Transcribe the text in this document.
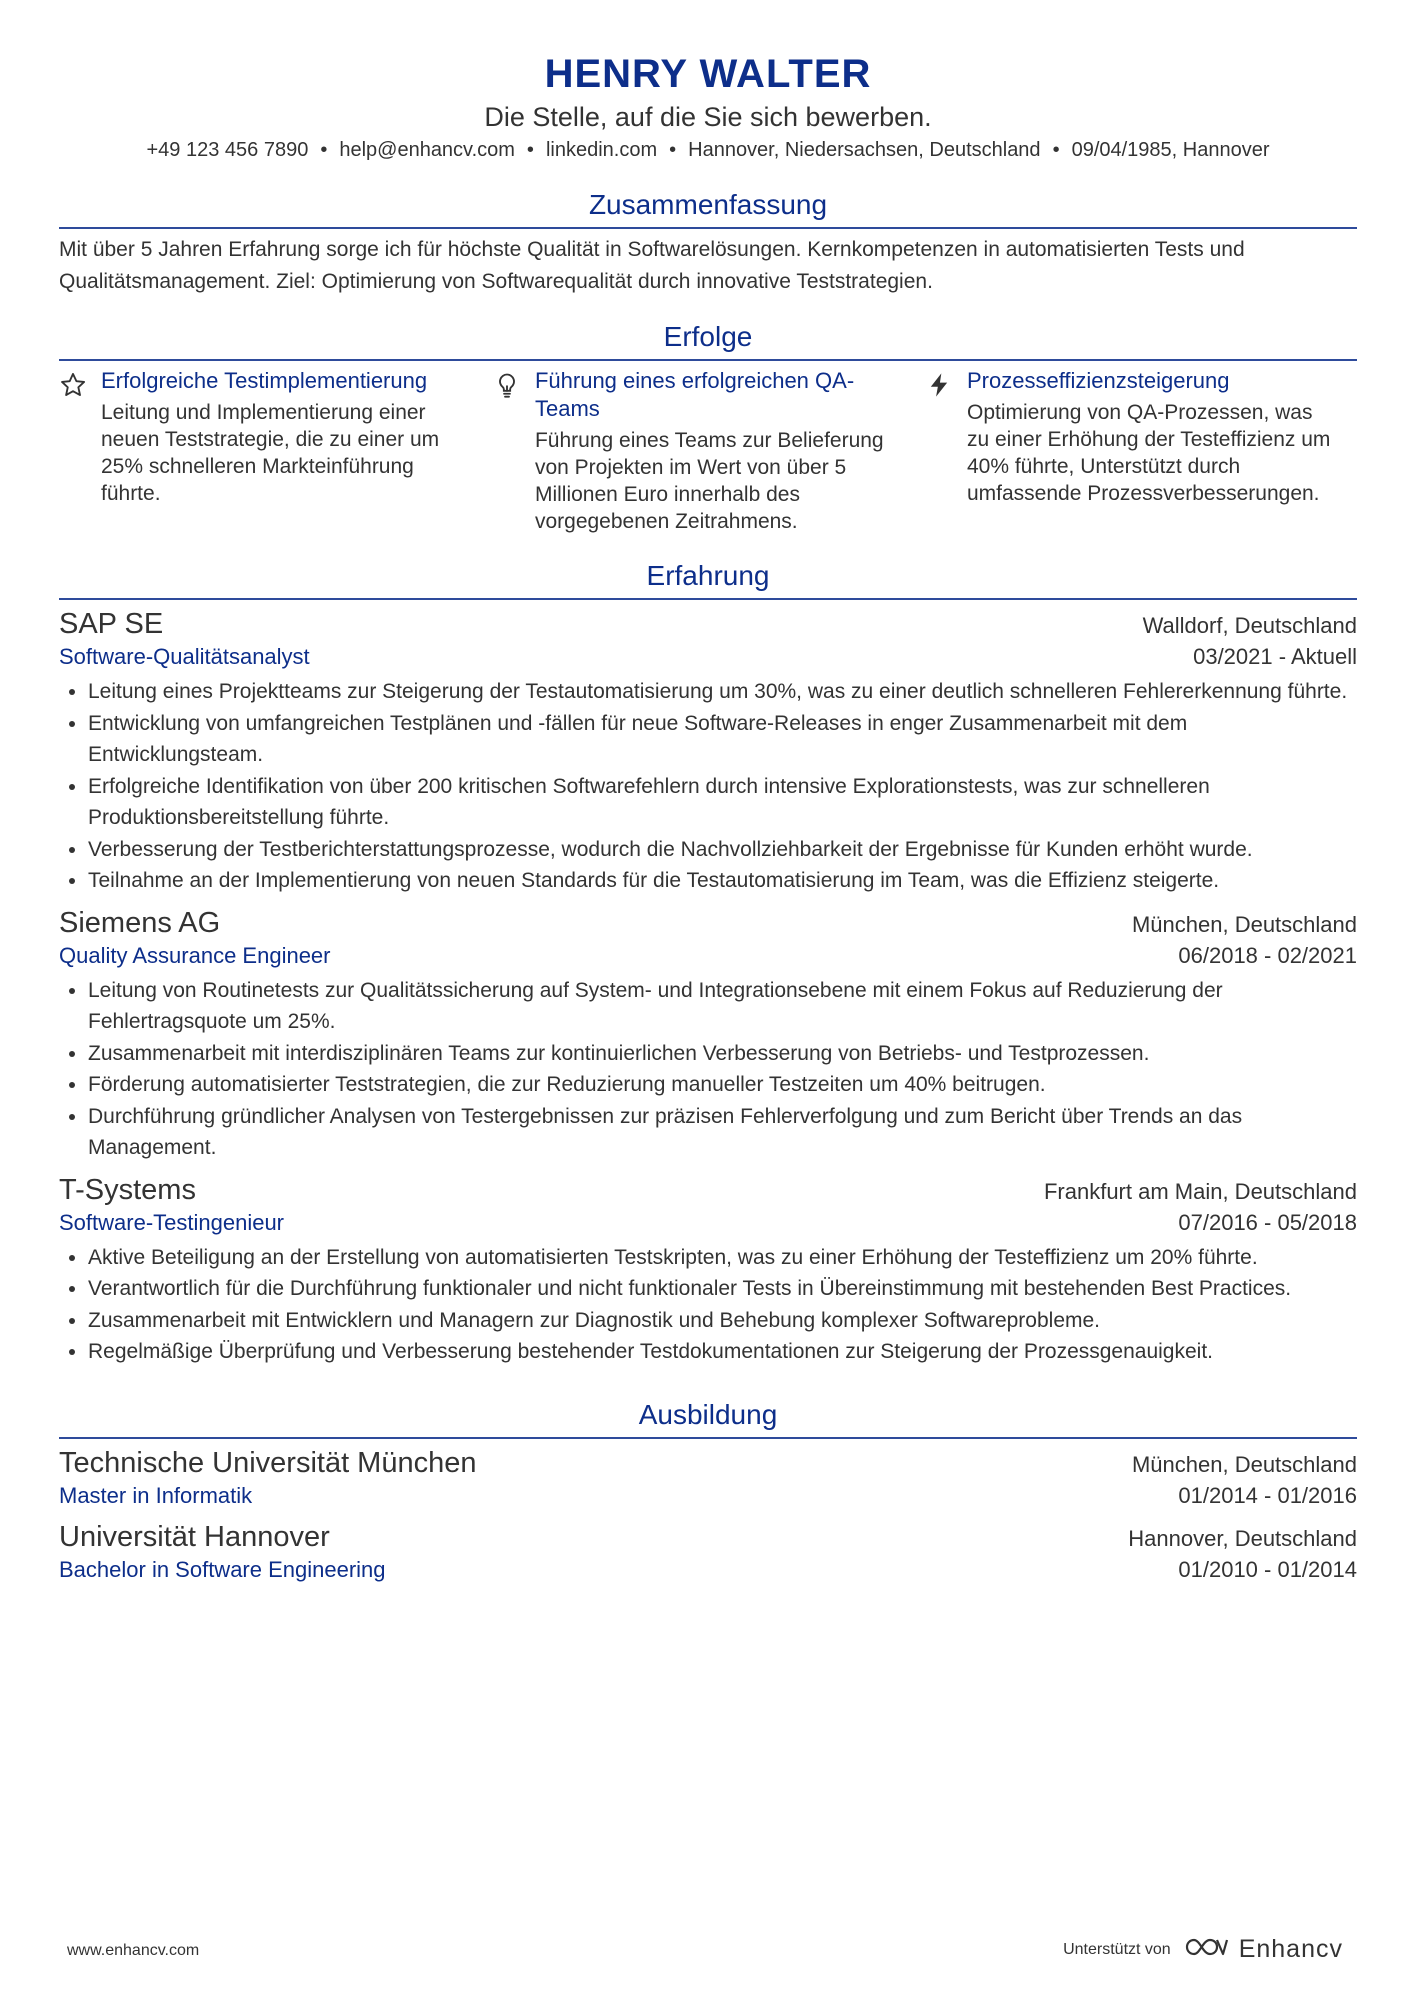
HENRY WALTER
Die Stelle, auf die Sie sich bewerben.
+49 123 456 7890 • help@enhancv.com • linkedin.com • Hannover, Niedersachsen, Deutschland • 09/04/1985, Hannover
Zusammenfassung
Mit über 5 Jahren Erfahrung sorge ich für höchste Qualität in Softwarelösungen. Kernkompetenzen in automatisierten Tests und Qualitätsmanagement. Ziel: Optimierung von Softwarequalität durch innovative Teststrategien.
Erfolge
Erfolgreiche Testimplementierung
Leitung und Implementierung einer neuen Teststrategie, die zu einer um 25% schnelleren Markteinführung führte.
Führung eines erfolgreichen QA-Teams
Führung eines Teams zur Belieferung von Projekten im Wert von über 5 Millionen Euro innerhalb des vorgegebenen Zeitrahmens.
Prozesseffizienzsteigerung
Optimierung von QA-Prozessen, was zu einer Erhöhung der Testeffizienz um 40% führte, Unterstützt durch umfassende Prozessverbesserungen.
Erfahrung
SAP SE	Walldorf, Deutschland
Software-Qualitätsanalyst	03/2021 - Aktuell
• Leitung eines Projektteams zur Steigerung der Testautomatisierung um 30%, was zu einer deutlich schnelleren Fehlererkennung führte.
• Entwicklung von umfangreichen Testplänen und -fällen für neue Software-Releases in enger Zusammenarbeit mit dem Entwicklungsteam.
• Erfolgreiche Identifikation von über 200 kritischen Softwarefehlern durch intensive Explorationstests, was zur schnelleren Produktionsbereitstellung führte.
• Verbesserung der Testberichterstattungsprozesse, wodurch die Nachvollziehbarkeit der Ergebnisse für Kunden erhöht wurde.
• Teilnahme an der Implementierung von neuen Standards für die Testautomatisierung im Team, was die Effizienz steigerte.
Siemens AG	München, Deutschland
Quality Assurance Engineer	06/2018 - 02/2021
• Leitung von Routinetests zur Qualitätssicherung auf System- und Integrationsebene mit einem Fokus auf Reduzierung der Fehlertragsquote um 25%.
• Zusammenarbeit mit interdisziplinären Teams zur kontinuierlichen Verbesserung von Betriebs- und Testprozessen.
• Förderung automatisierter Teststrategien, die zur Reduzierung manueller Testzeiten um 40% beitrugen.
• Durchführung gründlicher Analysen von Testergebnissen zur präzisen Fehlerverfolgung und zum Bericht über Trends an das Management.
T-Systems	Frankfurt am Main, Deutschland
Software-Testingenieur	07/2016 - 05/2018
• Aktive Beteiligung an der Erstellung von automatisierten Testskripten, was zu einer Erhöhung der Testeffizienz um 20% führte.
• Verantwortlich für die Durchführung funktionaler und nicht funktionaler Tests in Übereinstimmung mit bestehenden Best Practices.
• Zusammenarbeit mit Entwicklern und Managern zur Diagnostik und Behebung komplexer Softwareprobleme.
• Regelmäßige Überprüfung und Verbesserung bestehender Testdokumentationen zur Steigerung der Prozessgenauigkeit.
Ausbildung
Technische Universität München	München, Deutschland
Master in Informatik	01/2014 - 01/2016
Universität Hannover	Hannover, Deutschland
Bachelor in Software Engineering	01/2010 - 01/2014
www.enhancv.com	Unterstützt von	Enhancv
